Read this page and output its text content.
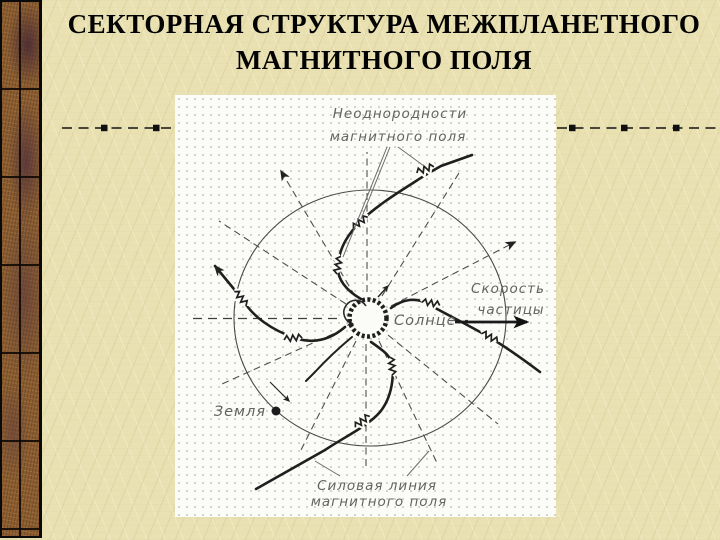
СЕКТОРНАЯ СТРУКТУРА МЕЖПЛАНЕТНОГО
МАГНИТНОГО ПОЛЯ
Неоднородности
магнитного поля
Скорость
частицы
Солнце
Земля
Силовая линия
магнитного поля
